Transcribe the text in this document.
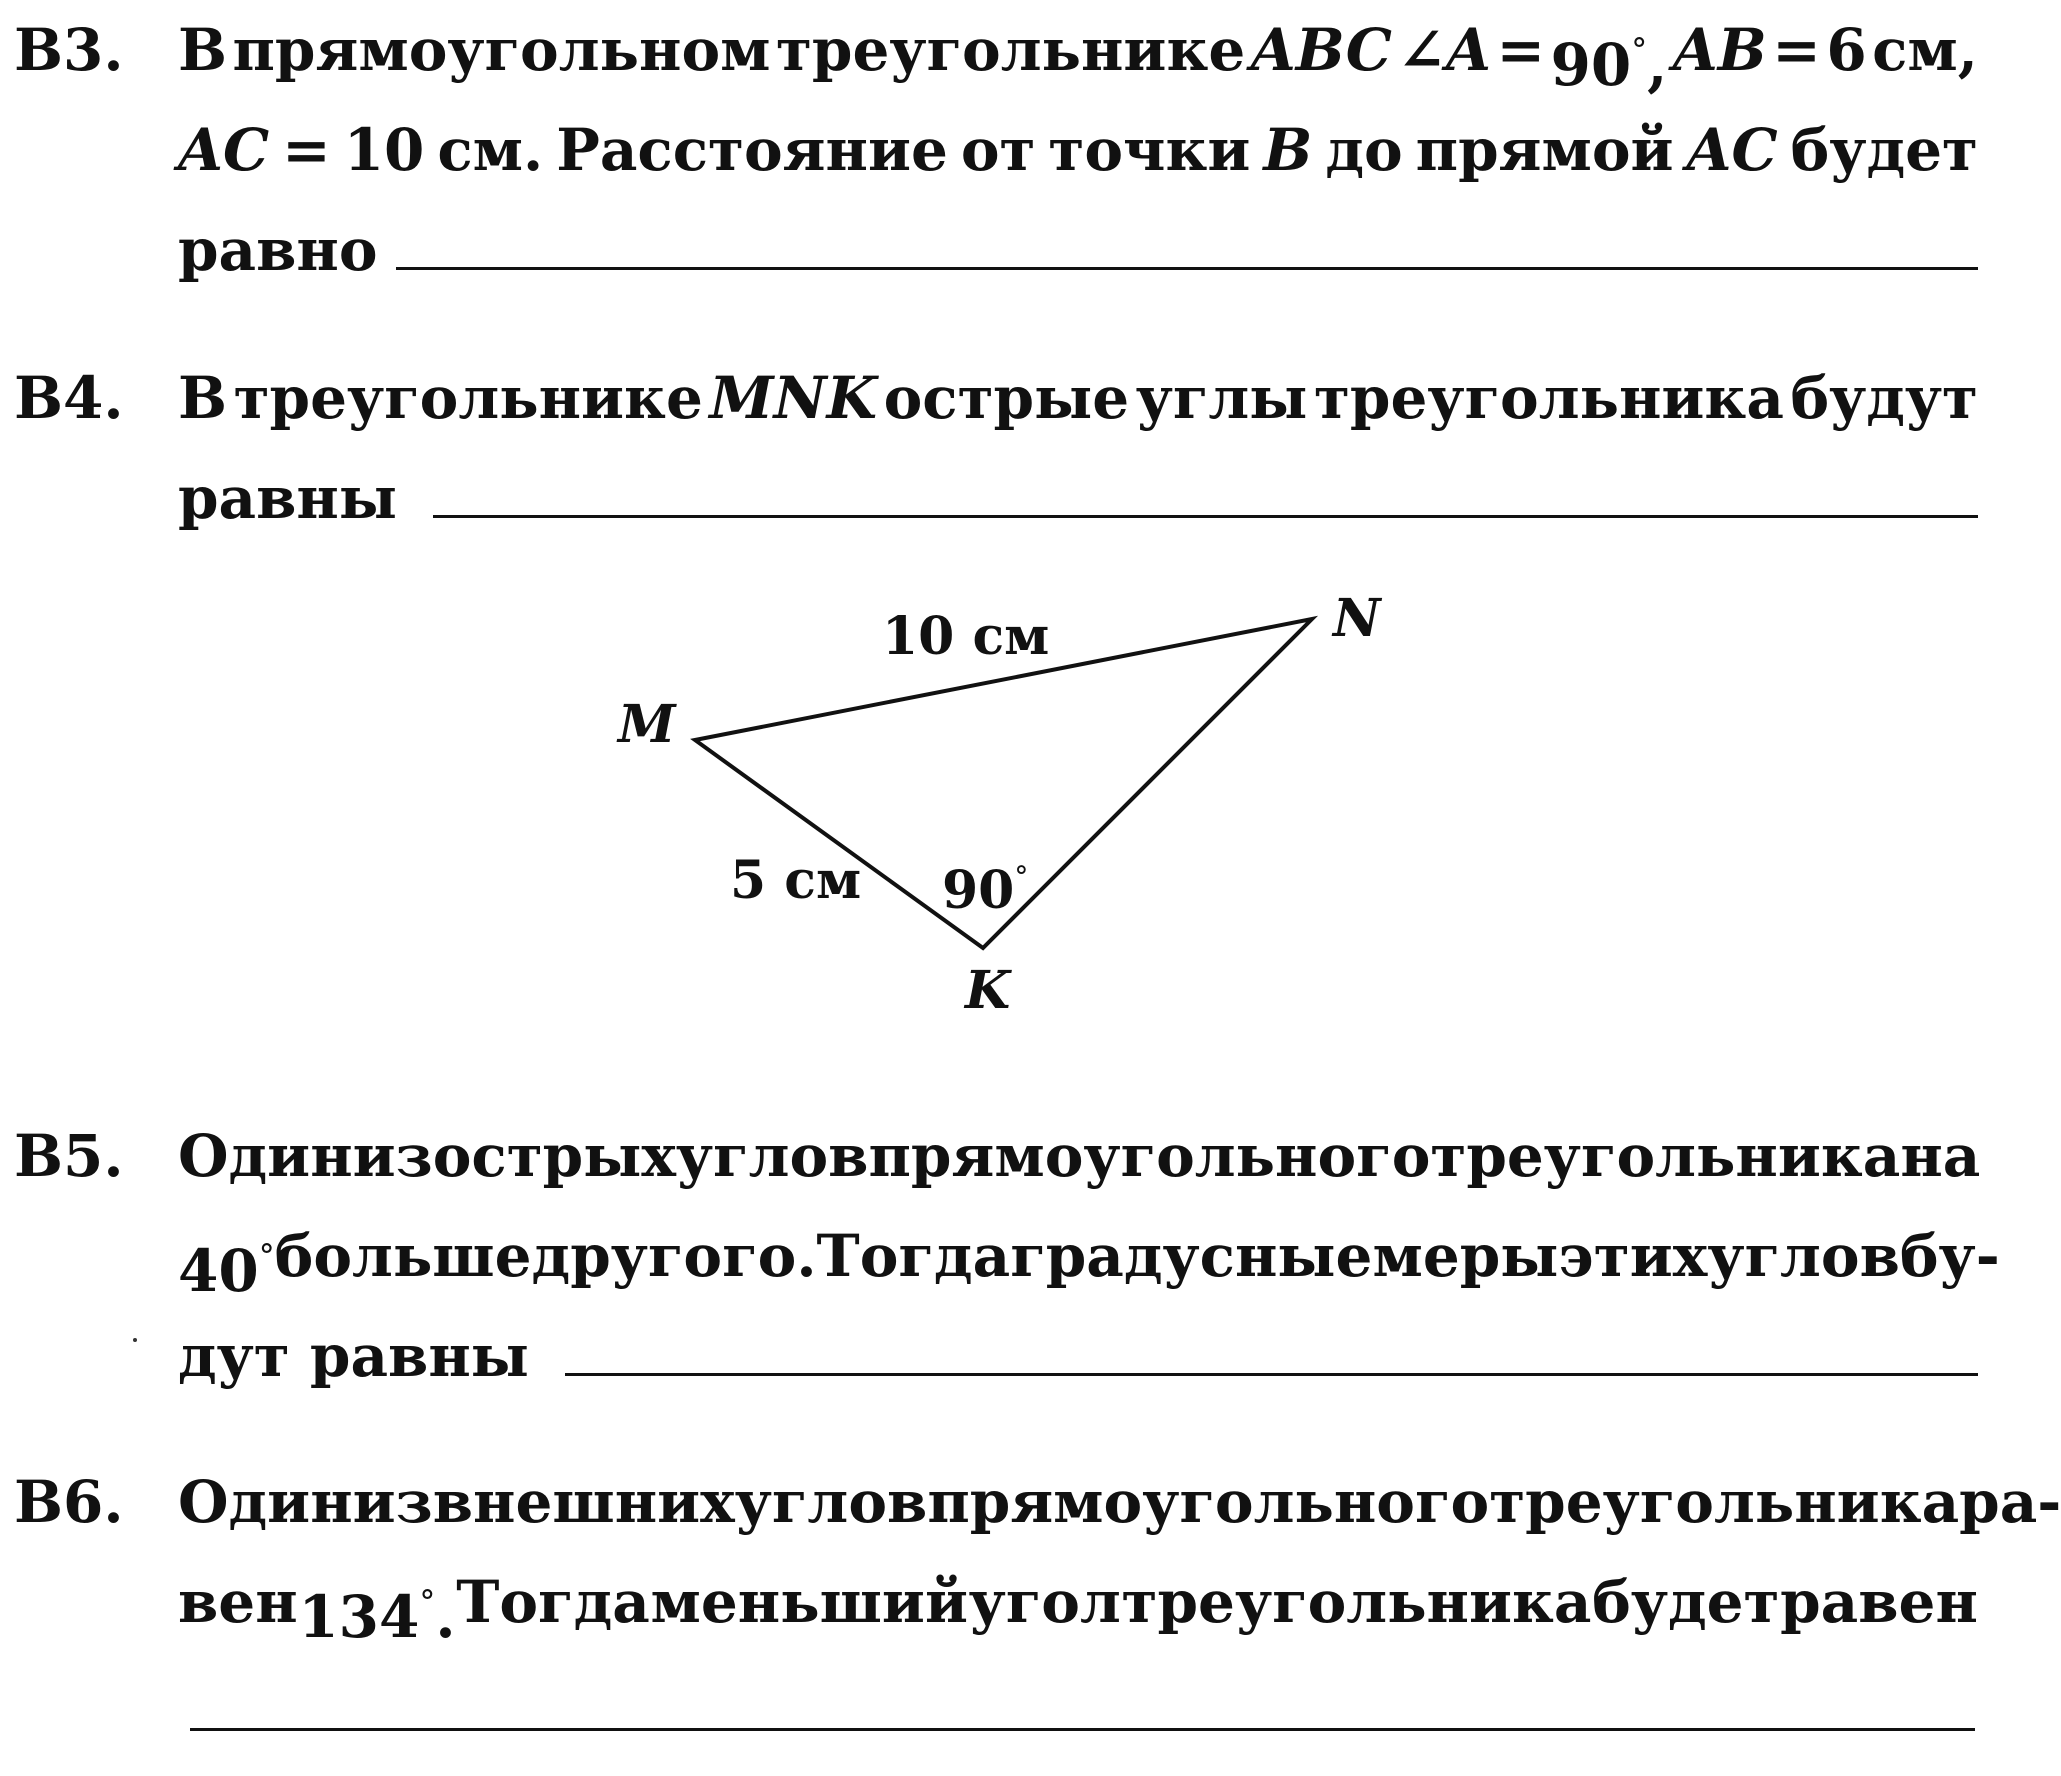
B3. В прямоугольном треугольнике ABC ∠A = 90°, AB = 6 см,
AC = 10 см. Расстояние от точки B до прямой AC будет
равно
B4. В треугольнике MNK острые углы треугольника будут
равны
M
N
K
10 см
5 см 90°
B5. Один из острых углов прямоугольного треугольника на
40° больше другого. Тогда градусные меры этих углов бу-
дут равны
B6. Один из внешних углов прямоугольного треугольника ра-
вен 134°. Тогда меньший угол треугольника будет равен
